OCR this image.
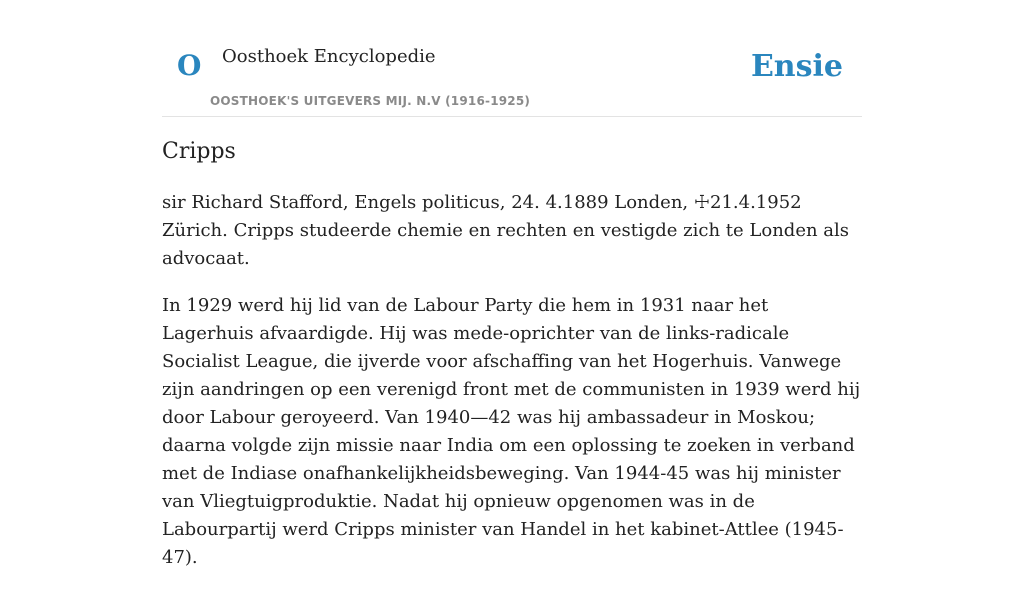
O Oosthoek Encyclopedie
OOSTHOEK'S UITGEVERS MIJ. N.V (1916-1925)
Ensie
Cripps

sir Richard Stafford, Engels politicus, 24. 4.1889 Londen, ☩21.4.1952 Zürich. Cripps studeerde chemie en rechten en vestigde zich te Londen als advocaat.

In 1929 werd hij lid van de Labour Party die hem in 1931 naar het Lagerhuis afvaardigde. Hij was mede-oprichter van de links-radicale Socialist League, die ijverde voor afschaffing van het Hogerhuis. Vanwege zijn aandringen op een verenigd front met de communisten in 1939 werd hij door Labour geroyeerd. Van 1940—42 was hij ambassadeur in Moskou; daarna volgde zijn missie naar India om een oplossing te zoeken in verband met de Indiase onafhankelijkheidsbeweging. Van 1944-45 was hij minister van Vliegtuigproduktie. Nadat hij opnieuw opgenomen was in de Labourpartij werd Cripps minister van Handel in het kabinet-Attlee (1945-47).
